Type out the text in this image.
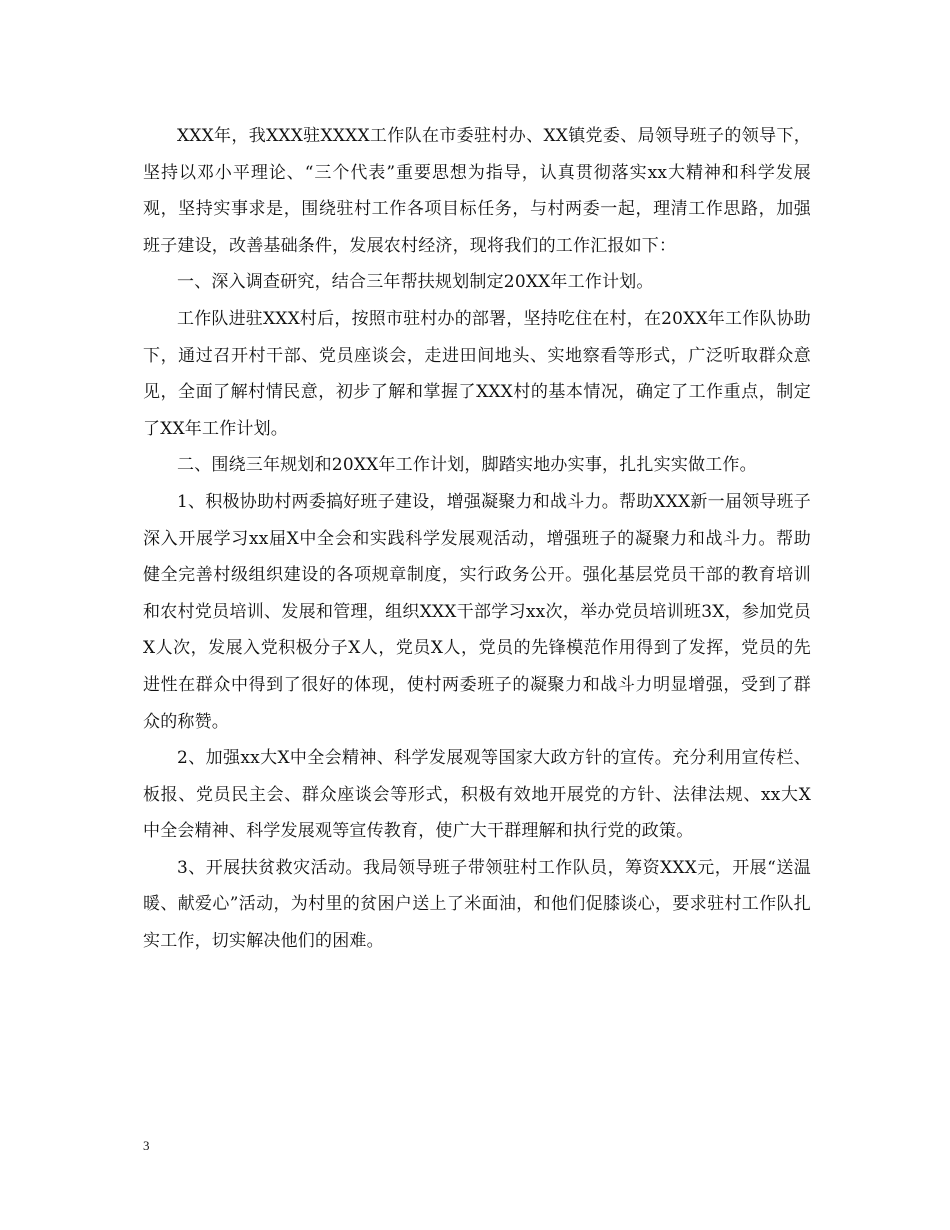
XXX年，我XXX驻XXXX工作队在市委驻村办、XX镇党委、局领导班子的领导下，坚持以邓小平理论、“三个代表”重要思想为指导，认真贯彻落实xx大精神和科学发展观，坚持实事求是，围绕驻村工作各项目标任务，与村两委一起，理清工作思路，加强班子建设，改善基础条件，发展农村经济，现将我们的工作汇报如下：

一、深入调查研究，结合三年帮扶规划制定20XX年工作计划。

工作队进驻XXX村后，按照市驻村办的部署，坚持吃住在村，在20XX年工作队协助下，通过召开村干部、党员座谈会，走进田间地头、实地察看等形式，广泛听取群众意见，全面了解村情民意，初步了解和掌握了XXX村的基本情况，确定了工作重点，制定了XX年工作计划。

二、围绕三年规划和20XX年工作计划，脚踏实地办实事，扎扎实实做工作。

1、积极协助村两委搞好班子建设，增强凝聚力和战斗力。帮助XXX新一届领导班子深入开展学习xx届X中全会和实践科学发展观活动，增强班子的凝聚力和战斗力。帮助健全完善村级组织建设的各项规章制度，实行政务公开。强化基层党员干部的教育培训和农村党员培训、发展和管理，组织XXX干部学习xx次，举办党员培训班3X，参加党员X人次，发展入党积极分子X人，党员X人，党员的先锋模范作用得到了发挥，党员的先进性在群众中得到了很好的体现，使村两委班子的凝聚力和战斗力明显增强，受到了群众的称赞。

2、加强xx大X中全会精神、科学发展观等国家大政方针的宣传。充分利用宣传栏、板报、党员民主会、群众座谈会等形式，积极有效地开展党的方针、法律法规、xx大X中全会精神、科学发展观等宣传教育，使广大干群理解和执行党的政策。

3、开展扶贫救灾活动。我局领导班子带领驻村工作队员，筹资XXX元，开展“送温暖、献爱心”活动，为村里的贫困户送上了米面油，和他们促膝谈心，要求驻村工作队扎实工作，切实解决他们的困难。

3
